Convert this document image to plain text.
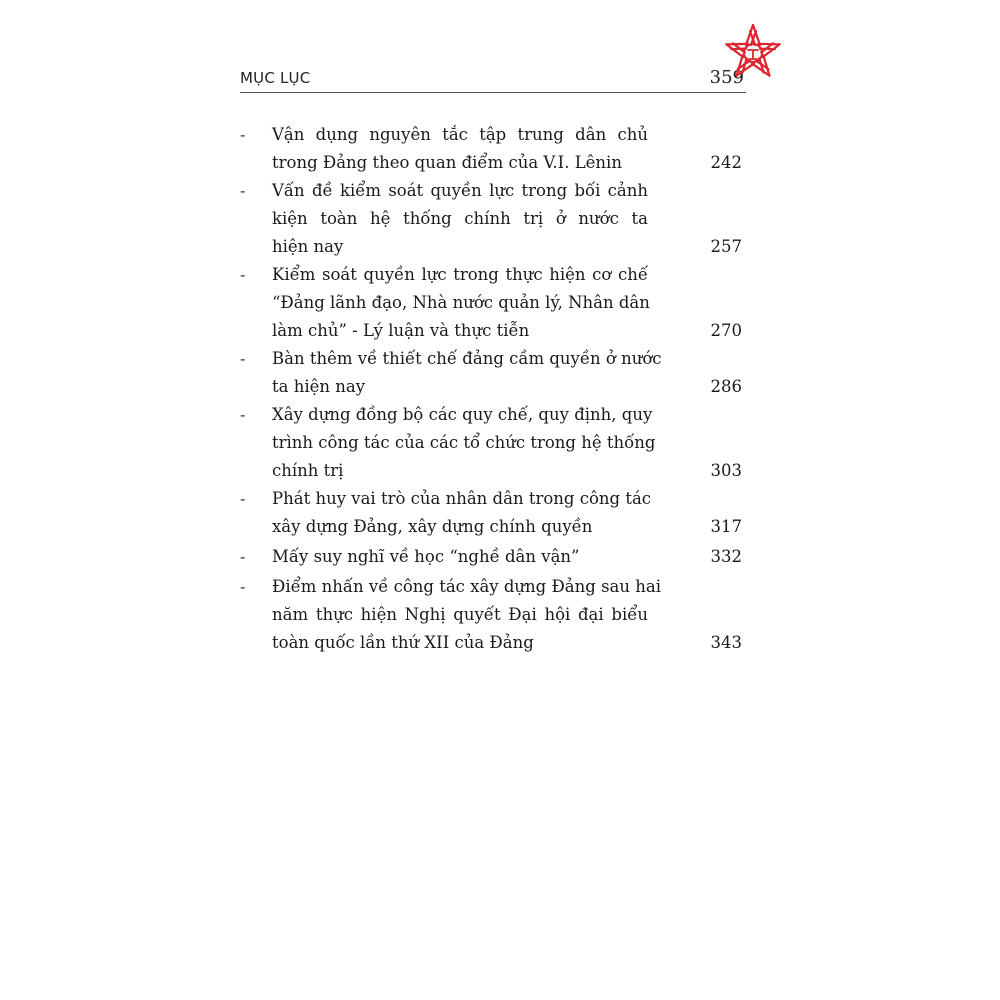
MỤC LỤC	359
-	Vận dụng nguyên tắc tập trung dân chủ
trong Đảng theo quan điểm của V.I. Lênin	242
-	Vấn đề kiểm soát quyền lực trong bối cảnh
kiện toàn hệ thống chính trị ở nước ta
hiện nay	257
-	Kiểm soát quyền lực trong thực hiện cơ chế
“Đảng lãnh đạo, Nhà nước quản lý, Nhân dân
làm chủ” - Lý luận và thực tiễn	270
-	Bàn thêm về thiết chế đảng cầm quyền ở nước
ta hiện nay	286
-	Xây dựng đồng bộ các quy chế, quy định, quy
trình công tác của các tổ chức trong hệ thống
chính trị	303
-	Phát huy vai trò của nhân dân trong công tác
xây dựng Đảng, xây dựng chính quyền	317
-	Mấy suy nghĩ về học “nghề dân vận”	332
-	Điểm nhấn về công tác xây dựng Đảng sau hai
năm thực hiện Nghị quyết Đại hội đại biểu
toàn quốc lần thứ XII của Đảng	343
